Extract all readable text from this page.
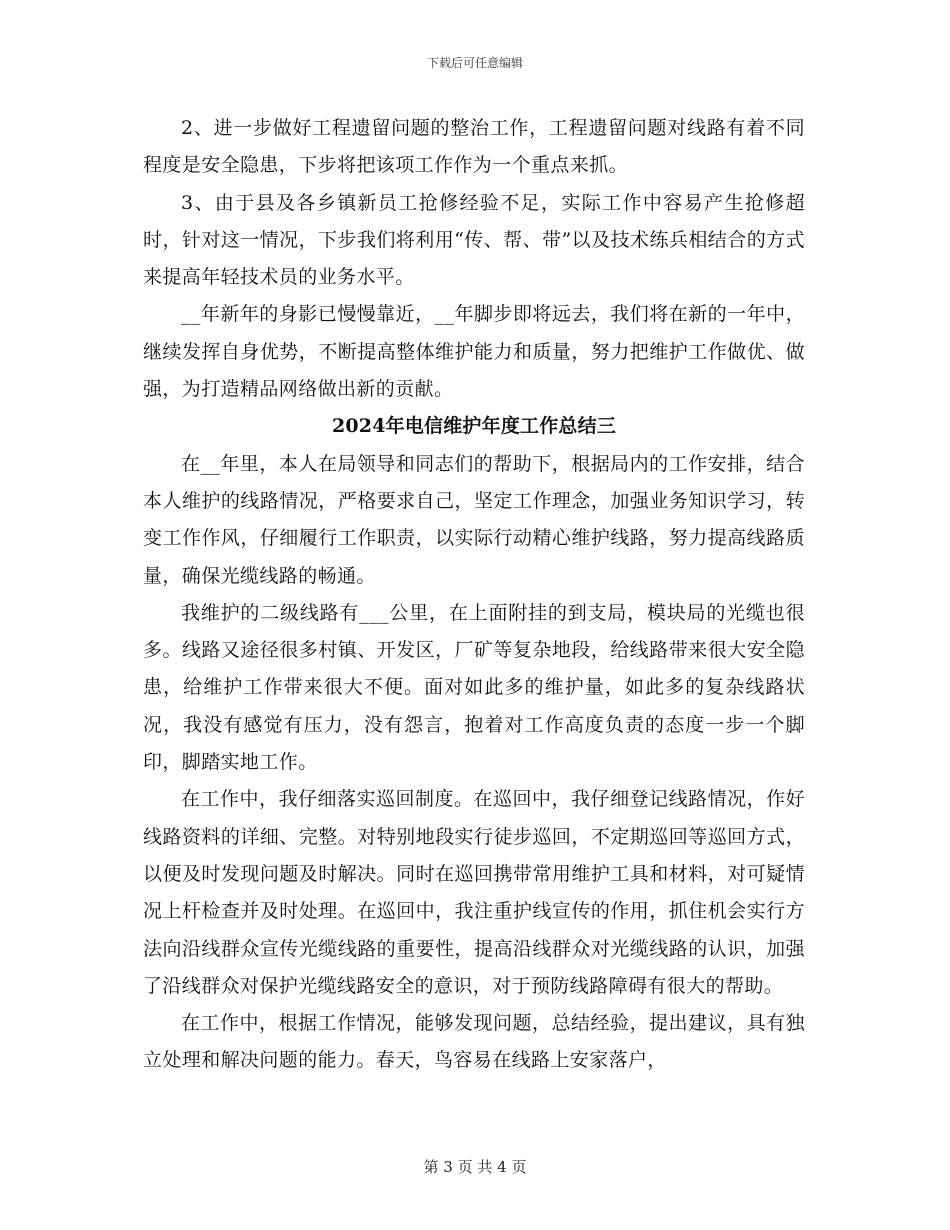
下载后可任意编辑

2、进一步做好工程遗留问题的整治工作，工程遗留问题对线路有着不同程度是安全隐患，下步将把该项工作作为一个重点来抓。

3、由于县及各乡镇新员工抢修经验不足，实际工作中容易产生抢修超时，针对这一情况，下步我们将利用“传、帮、带”以及技术练兵相结合的方式来提高年轻技术员的业务水平。

__年新年的身影已慢慢靠近，__年脚步即将远去，我们将在新的一年中，继续发挥自身优势，不断提高整体维护能力和质量，努力把维护工作做优、做强，为打造精品网络做出新的贡献。

2024年电信维护年度工作总结三

在__年里，本人在局领导和同志们的帮助下，根据局内的工作安排，结合本人维护的线路情况，严格要求自己，坚定工作理念，加强业务知识学习，转变工作作风，仔细履行工作职责，以实际行动精心维护线路，努力提高线路质量，确保光缆线路的畅通。

我维护的二级线路有___公里，在上面附挂的到支局，模块局的光缆也很多。线路又途径很多村镇、开发区，厂矿等复杂地段，给线路带来很大安全隐患，给维护工作带来很大不便。面对如此多的维护量，如此多的复杂线路状况，我没有感觉有压力，没有怨言，抱着对工作高度负责的态度一步一个脚印，脚踏实地工作。

在工作中，我仔细落实巡回制度。在巡回中，我仔细登记线路情况，作好线路资料的详细、完整。对特别地段实行徒步巡回，不定期巡回等巡回方式，以便及时发现问题及时解决。同时在巡回携带常用维护工具和材料，对可疑情况上杆检查并及时处理。在巡回中，我注重护线宣传的作用，抓住机会实行方法向沿线群众宣传光缆线路的重要性，提高沿线群众对光缆线路的认识，加强了沿线群众对保护光缆线路安全的意识，对于预防线路障碍有很大的帮助。

在工作中，根据工作情况，能够发现问题，总结经验，提出建议，具有独立处理和解决问题的能力。春天，鸟容易在线路上安家落户，

第 3 页 共 4 页
